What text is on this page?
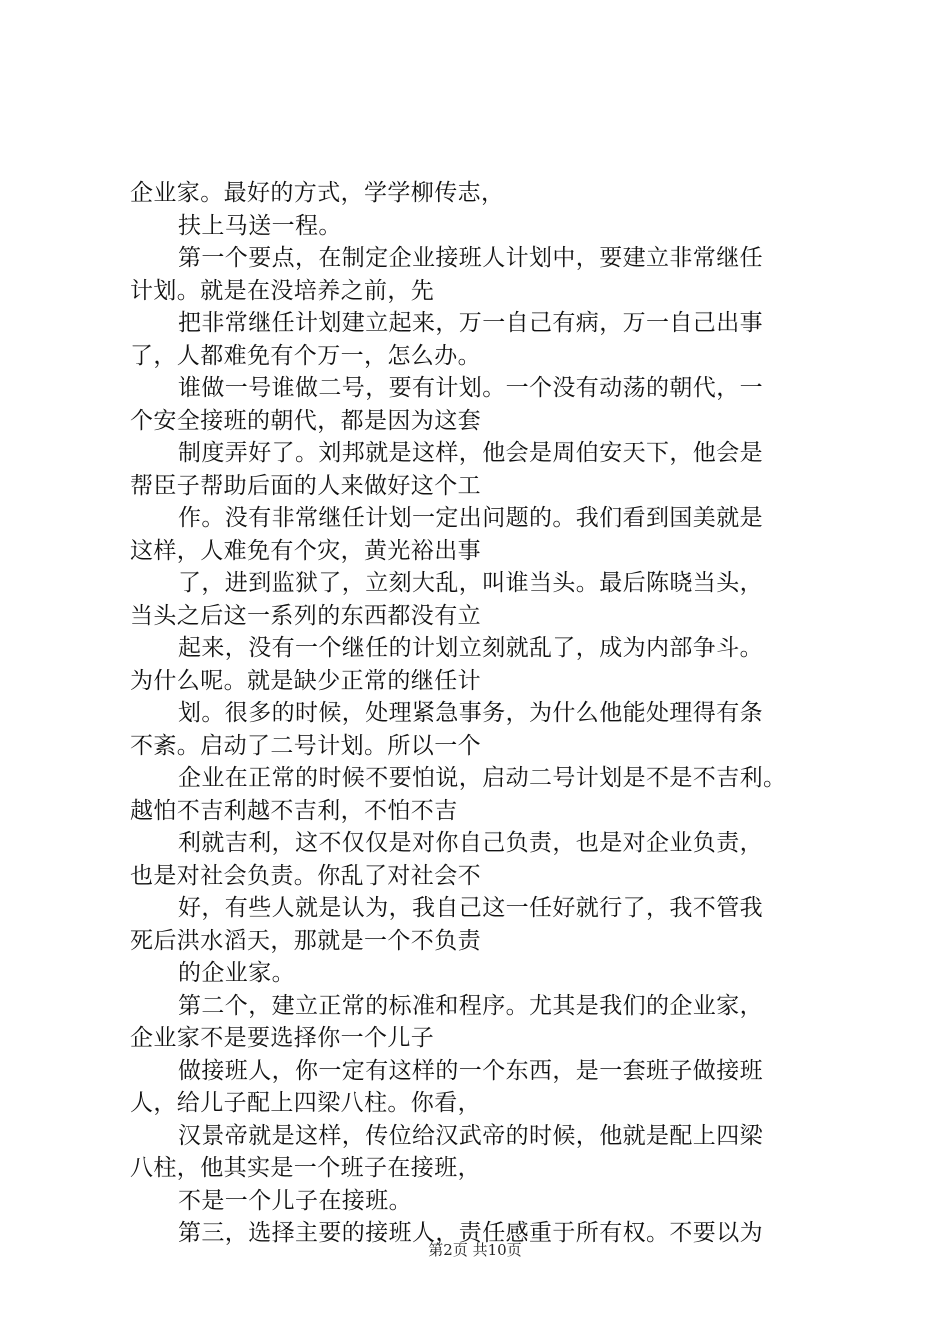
企业家。最好的方式，学学柳传志，
扶上马送一程。
第一个要点，在制定企业接班人计划中，要建立非常继任
计划。就是在没培养之前，先
把非常继任计划建立起来，万一自己有病，万一自己出事
了，人都难免有个万一，怎么办。
谁做一号谁做二号，要有计划。一个没有动荡的朝代，一
个安全接班的朝代，都是因为这套
制度弄好了。刘邦就是这样，他会是周伯安天下，他会是
帮臣子帮助后面的人来做好这个工
作。没有非常继任计划一定出问题的。我们看到国美就是
这样，人难免有个灾，黄光裕出事
了，进到监狱了，立刻大乱，叫谁当头。最后陈晓当头，
当头之后这一系列的东西都没有立
起来，没有一个继任的计划立刻就乱了，成为内部争斗。
为什么呢。就是缺少正常的继任计
划。很多的时候，处理紧急事务，为什么他能处理得有条
不紊。启动了二号计划。所以一个
企业在正常的时候不要怕说，启动二号计划是不是不吉利。
越怕不吉利越不吉利，不怕不吉
利就吉利，这不仅仅是对你自己负责，也是对企业负责，
也是对社会负责。你乱了对社会不
好，有些人就是认为，我自己这一任好就行了，我不管我
死后洪水滔天，那就是一个不负责
的企业家。
第二个，建立正常的标准和程序。尤其是我们的企业家，
企业家不是要选择你一个儿子
做接班人，你一定有这样的一个东西，是一套班子做接班
人，给儿子配上四梁八柱。你看，
汉景帝就是这样，传位给汉武帝的时候，他就是配上四梁
八柱，他其实是一个班子在接班，
不是一个儿子在接班。
第三，选择主要的接班人，责任感重于所有权。不要以为
第2页 共10页
